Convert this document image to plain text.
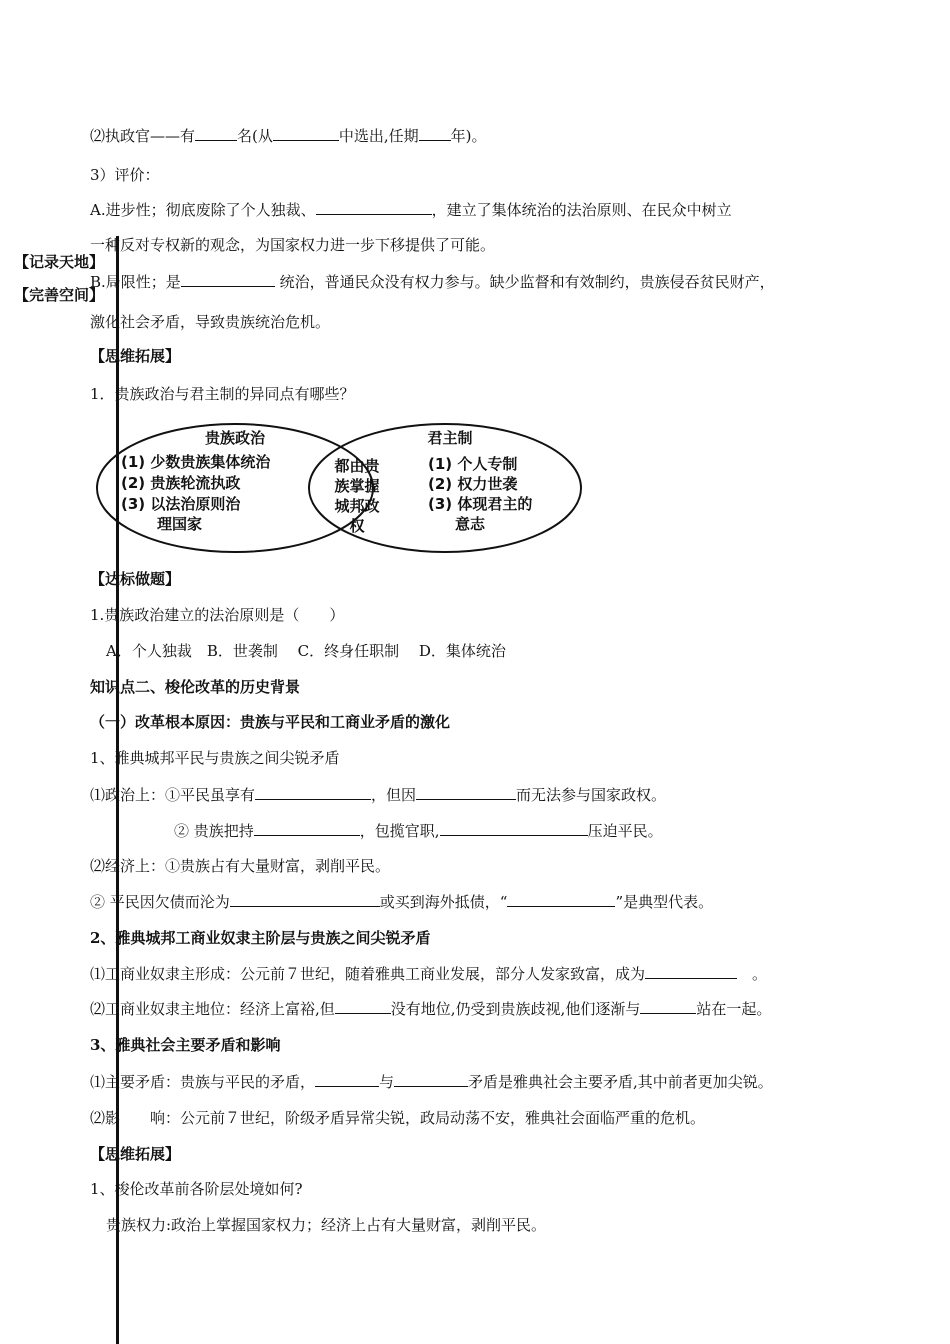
【记录天地】
【完善空间】
⑵执政官——有	名(从	中选出,任期 年)。
3）评价：
A.进步性；彻底废除了个人独裁、	，建立了集体统治的法治原则、在民众中树立
一种反对专权新的观念，为国家权力进一步下移提供了可能。
B.局限性；是	统治，普通民众没有权力参与。缺少监督和有效制约，贵族侵吞贫民财产，
激化社会矛盾，导致贵族统治危机。
【思维拓展】
1．贵族政治与君主制的异同点有哪些？
贵族政治
(1) 少数贵族集体统治
(2) 贵族轮流执政
(3) 以法治原则治
理国家
都由贵
族掌握
城邦政
权
君主制
(1) 个人专制
(2) 权力世袭
(3) 体现君主的
意志
【达标做题】
1.贵族政治建立的法治原则是（　　）
A．个人独裁　B．世袭制　 C．终身任职制　 D．集体统治
知识点二、梭伦改革的历史背景
（一）改革根本原因：贵族与平民和工商业矛盾的激化
1、雅典城邦平民与贵族之间尖锐矛盾
⑴政治上：①平民虽享有	，但因	而无法参与国家政权。
② 贵族把持	，包揽官职,	压迫平民。
⑵经济上：①贵族占有大量财富，剥削平民。
② 平民因欠债而沦为	或买到海外抵债，“	”是典型代表。
2、雅典城邦工商业奴隶主阶层与贵族之间尖锐矛盾
⑴工商业奴隶主形成：公元前７世纪，随着雅典工商业发展，部分人发家致富，成为　	。
⑵工商业奴隶主地位：经济上富裕,但	没有地位,仍受到贵族歧视,他们逐渐与	站在一起。
3、雅典社会主要矛盾和影响
⑴主要矛盾：贵族与平民的矛盾，	与	矛盾是雅典社会主要矛盾,其中前者更加尖锐。
⑵影　　响：公元前７世纪，阶级矛盾异常尖锐，政局动荡不安，雅典社会面临严重的危机。
【思维拓展】
1、梭伦改革前各阶层处境如何?
贵族权力:政治上掌握国家权力；经济上占有大量财富，剥削平民。
